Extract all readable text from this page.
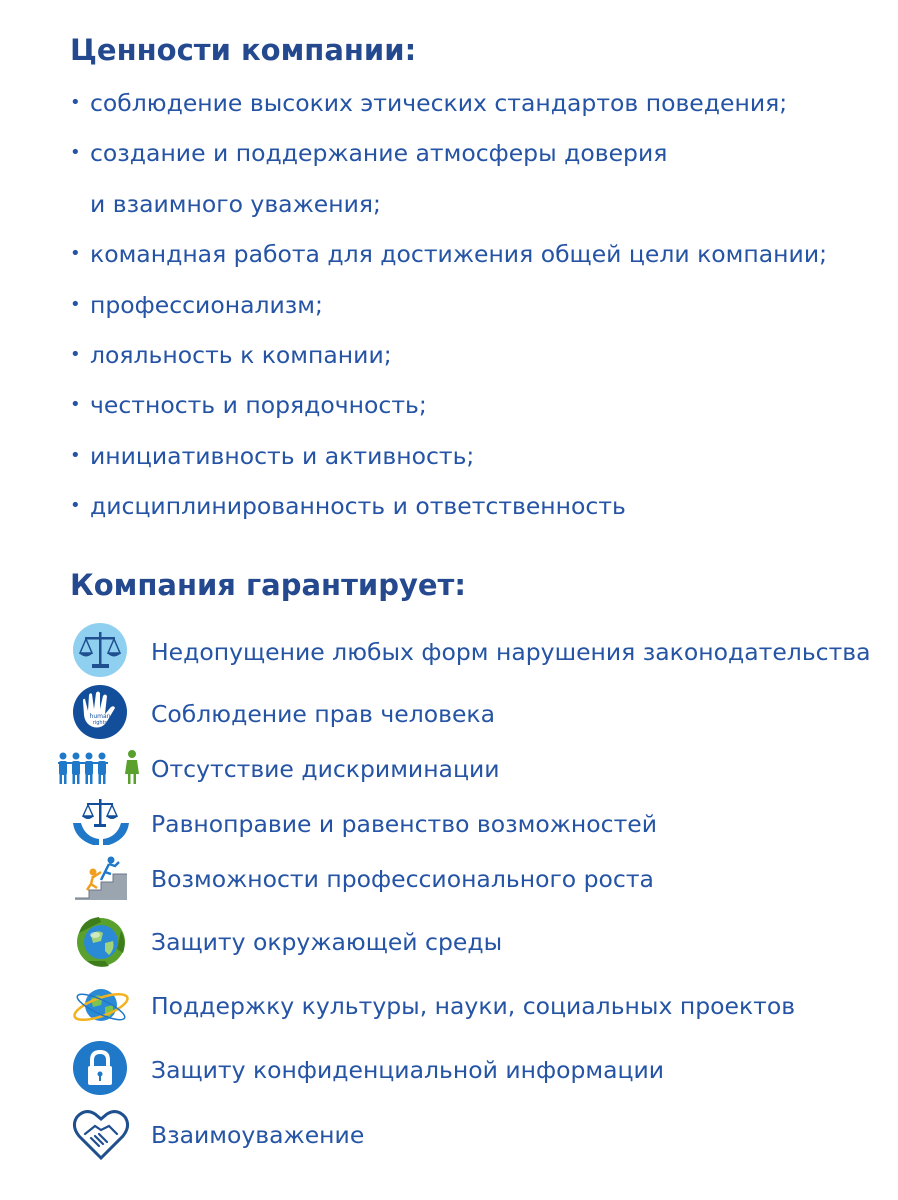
Ценности компании:
• соблюдение высоких этических стандартов поведения;
• создание и поддержание атмосферы доверия
и взаимного уважения;
• командная работа для достижения общей цели компании;
• профессионализм;
• лояльность к компании;
• честность и порядочность;
• инициативность и активность;
• дисциплинированность и ответственность
Компания гарантирует:
Недопущение любых форм нарушения законодательства
human
rights Соблюдение прав человека
Отсутствие дискриминации
Равноправие и равенство возможностей
Возможности профессионального роста
Защиту окружающей среды
Поддержку культуры, науки, социальных проектов
Защиту конфиденциальной информации
Взаимоуважение
